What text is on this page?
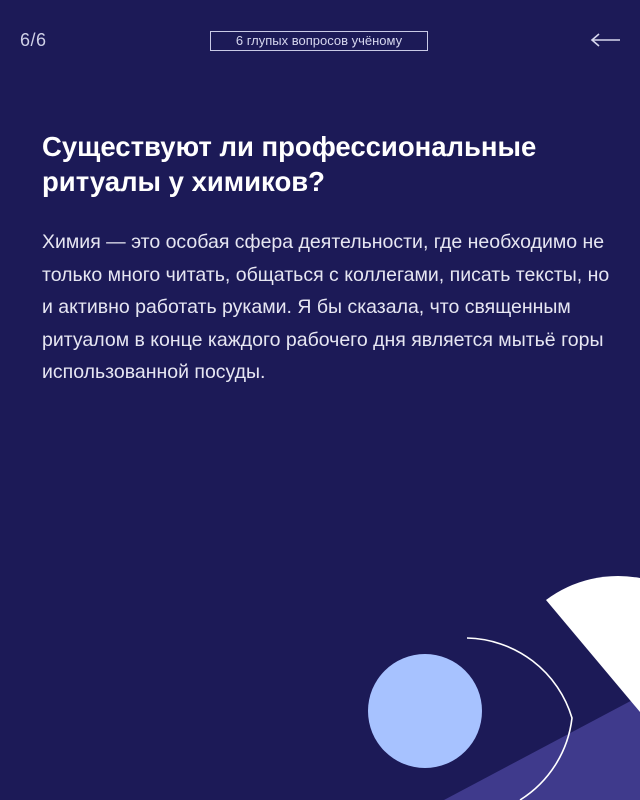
6/6	6 глупых вопросов учёному
Существуют ли профессиональные ритуалы у химиков?

Химия — это особая сфера деятельности, где необходимо не только много читать, общаться с коллегами, писать тексты, но и активно работать руками. Я бы сказала, что священным ритуалом в конце каждого рабочего дня является мытьё горы использованной посуды.
